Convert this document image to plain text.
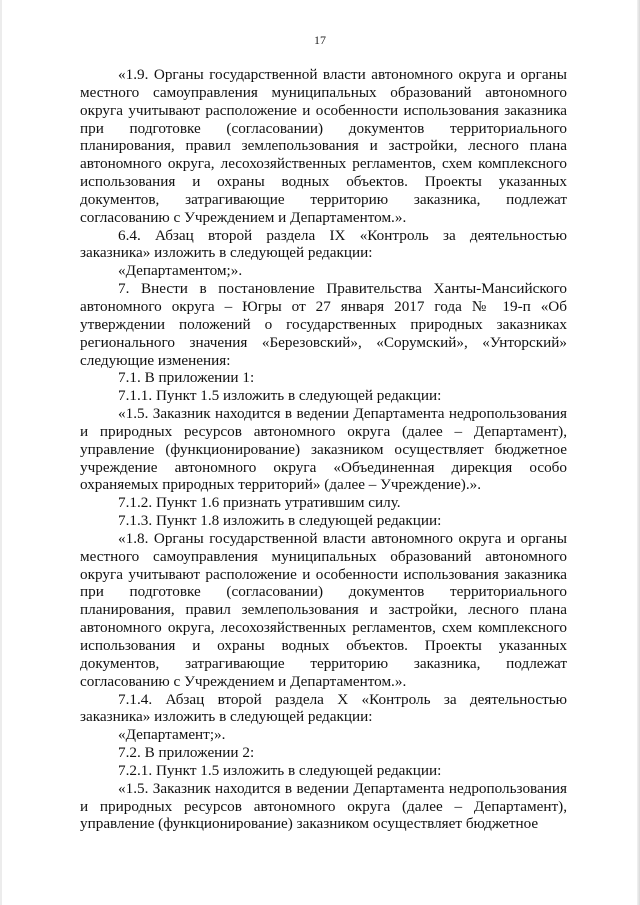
17

«1.9. Органы государственной власти автономного округа и органы местного самоуправления муниципальных образований автономного округа учитывают расположение и особенности использования заказника при подготовке (согласовании) документов территориального планирования, правил землепользования и застройки, лесного плана автономного округа, лесохозяйственных регламентов, схем комплексного использования и охраны водных объектов. Проекты указанных документов, затрагивающие территорию заказника, подлежат согласованию с Учреждением и Департаментом.».

6.4. Абзац второй раздела IX «Контроль за деятельностью заказника» изложить в следующей редакции:

«Департаментом;».

7. Внести в постановление Правительства Ханты-Мансийского автономного округа – Югры от 27 января 2017 года № 19-п «Об утверждении положений о государственных природных заказниках регионального значения «Березовский», «Сорумский», «Унторский» следующие изменения:

7.1. В приложении 1:

7.1.1. Пункт 1.5 изложить в следующей редакции:

«1.5. Заказник находится в ведении Департамента недропользования и природных ресурсов автономного округа (далее – Департамент), управление (функционирование) заказником осуществляет бюджетное учреждение автономного округа «Объединенная дирекция особо охраняемых природных территорий» (далее – Учреждение).».

7.1.2. Пункт 1.6 признать утратившим силу.

7.1.3. Пункт 1.8 изложить в следующей редакции:

«1.8. Органы государственной власти автономного округа и органы местного самоуправления муниципальных образований автономного округа учитывают расположение и особенности использования заказника при подготовке (согласовании) документов территориального планирования, правил землепользования и застройки, лесного плана автономного округа, лесохозяйственных регламентов, схем комплексного использования и охраны водных объектов. Проекты указанных документов, затрагивающие территорию заказника, подлежат согласованию с Учреждением и Департаментом.».

7.1.4. Абзац второй раздела X «Контроль за деятельностью заказника» изложить в следующей редакции:

«Департамент;».

7.2. В приложении 2:

7.2.1. Пункт 1.5 изложить в следующей редакции:

«1.5. Заказник находится в ведении Департамента недропользования и природных ресурсов автономного округа (далее – Департамент), управление (функционирование) заказником осуществляет бюджетное
